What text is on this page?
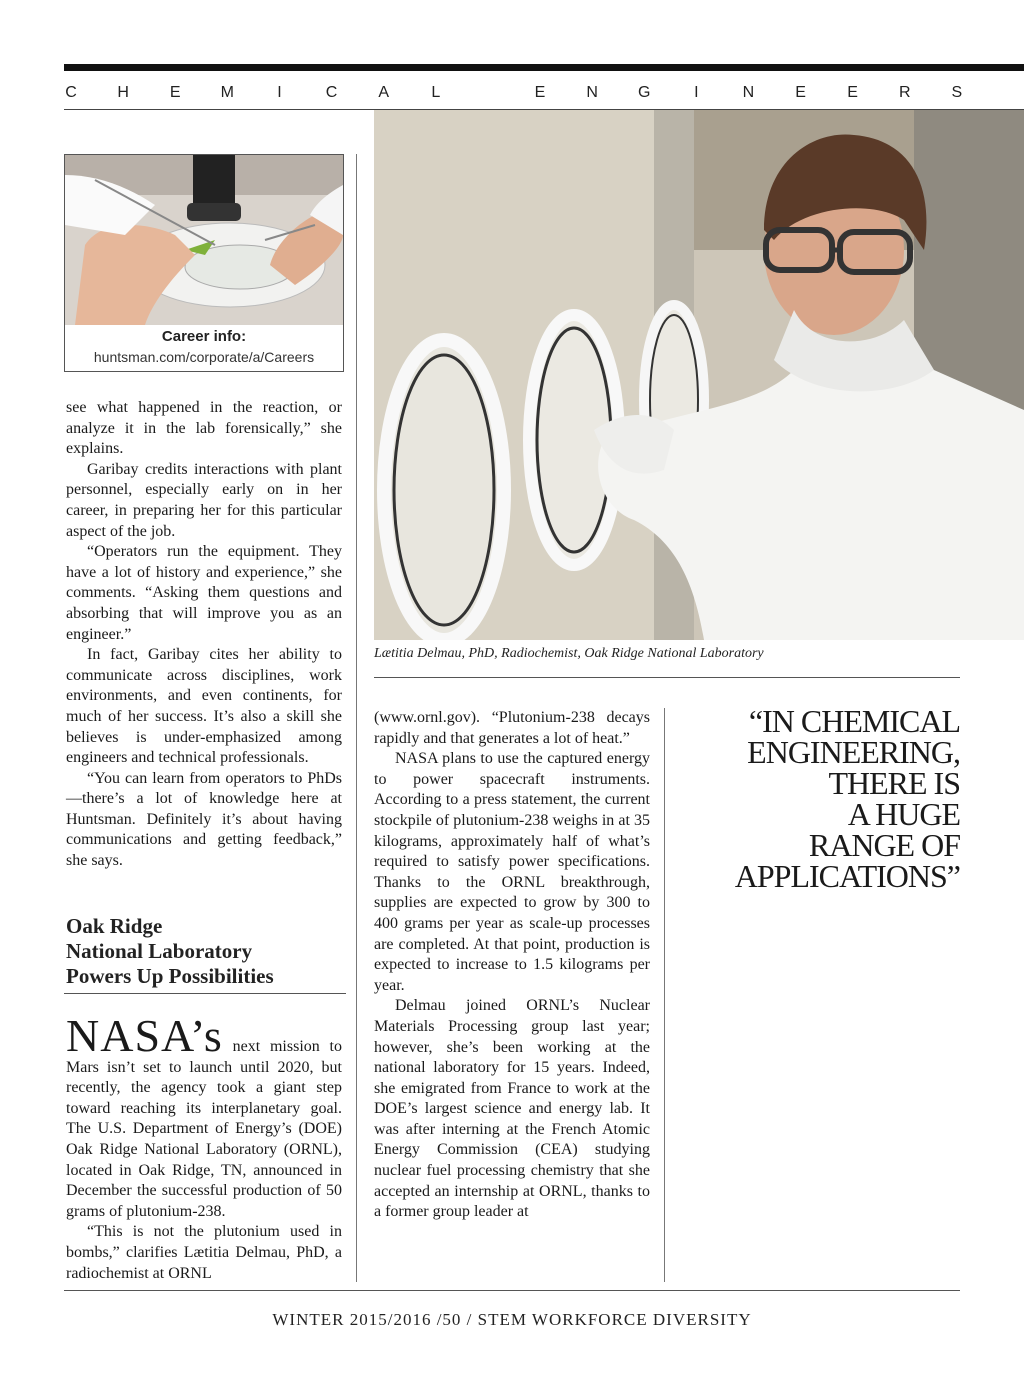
C	H	E	M	I	C	A	L	E	N	G	I	N	E	E	R	S
Career info:
huntsman.com/corporate/a/Careers

see what happened in the reaction, or analyze it in the lab forensically,” she explains.

Garibay credits interactions with plant personnel, especially early on in her career, in preparing her for this particular aspect of the job.

“Operators run the equipment. They have a lot of history and experience,” she comments. “Asking them questions and absorbing that will improve you as an engineer.”

In fact, Garibay cites her ability to communicate across disciplines, work environments, and even continents, for much of her success. It’s also a skill she believes is under-emphasized among engineers and technical professionals.

“You can learn from operators to PhDs—there’s a lot of knowledge here at Huntsman. Definitely it’s about having communications and getting feedback,” she says.

Oak Ridge
National Laboratory
Powers Up Possibilities

NASA’s next mission to Mars isn’t set to launch until 2020, but recently, the agency took a giant step toward reaching its interplanetary goal. The U.S. Department of Energy’s (DOE) Oak Ridge National Laboratory (ORNL), located in Oak Ridge, TN, announced in December the successful production of 50 grams of plutonium-238.

“This is not the plutonium used in bombs,” clarifies Lætitia Delmau, PhD, a radiochemist at ORNL

Lætitia Delmau, PhD, Radiochemist, Oak Ridge National Laboratory

(www.ornl.gov). “Plutonium-238 decays rapidly and that generates a lot of heat.”

NASA plans to use the captured energy to power spacecraft instruments. According to a press statement, the current stockpile of plutonium-238 weighs in at 35 kilograms, approximately half of what’s required to satisfy power specifications. Thanks to the ORNL breakthrough, supplies are expected to grow by 300 to 400 grams per year as scale-up processes are completed. At that point, production is expected to increase to 1.5 kilograms per year.

Delmau joined ORNL’s Nuclear Materials Processing group last year; however, she’s been working at the national laboratory for 15 years. Indeed, she emigrated from France to work at the DOE’s largest science and energy lab. It was after interning at the French Atomic Energy Commission (CEA) studying nuclear fuel processing chemistry that she accepted an internship at ORNL, thanks to a former group leader at

“IN CHEMICAL
ENGINEERING,
THERE IS
A HUGE
RANGE OF
APPLICATIONS”
WINTER 2015/2016 /50 / STEM WORKFORCE DIVERSITY
